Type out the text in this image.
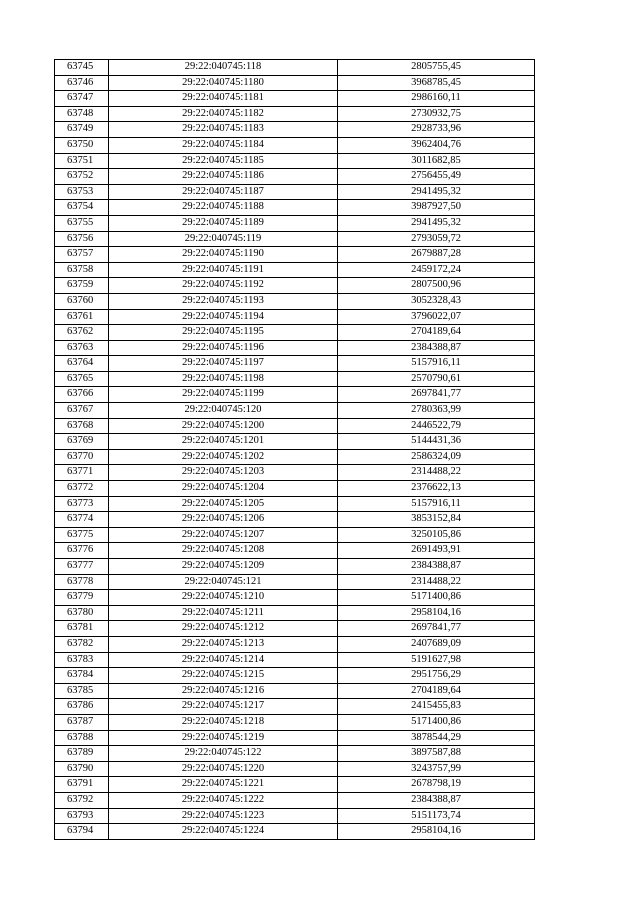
63745	29:22:040745:118	2805755,45
63746	29:22:040745:1180	3968785,45
63747	29:22:040745:1181	2986160,11
63748	29:22:040745:1182	2730932,75
63749	29:22:040745:1183	2928733,96
63750	29:22:040745:1184	3962404,76
63751	29:22:040745:1185	3011682,85
63752	29:22:040745:1186	2756455,49
63753	29:22:040745:1187	2941495,32
63754	29:22:040745:1188	3987927,50
63755	29:22:040745:1189	2941495,32
63756	29:22:040745:119	2793059,72
63757	29:22:040745:1190	2679887,28
63758	29:22:040745:1191	2459172,24
63759	29:22:040745:1192	2807500,96
63760	29:22:040745:1193	3052328,43
63761	29:22:040745:1194	3796022,07
63762	29:22:040745:1195	2704189,64
63763	29:22:040745:1196	2384388,87
63764	29:22:040745:1197	5157916,11
63765	29:22:040745:1198	2570790,61
63766	29:22:040745:1199	2697841,77
63767	29:22:040745:120	2780363,99
63768	29:22:040745:1200	2446522,79
63769	29:22:040745:1201	5144431,36
63770	29:22:040745:1202	2586324,09
63771	29:22:040745:1203	2314488,22
63772	29:22:040745:1204	2376622,13
63773	29:22:040745:1205	5157916,11
63774	29:22:040745:1206	3853152,84
63775	29:22:040745:1207	3250105,86
63776	29:22:040745:1208	2691493,91
63777	29:22:040745:1209	2384388,87
63778	29:22:040745:121	2314488,22
63779	29:22:040745:1210	5171400,86
63780	29:22:040745:1211	2958104,16
63781	29:22:040745:1212	2697841,77
63782	29:22:040745:1213	2407689,09
63783	29:22:040745:1214	5191627,98
63784	29:22:040745:1215	2951756,29
63785	29:22:040745:1216	2704189,64
63786	29:22:040745:1217	2415455,83
63787	29:22:040745:1218	5171400,86
63788	29:22:040745:1219	3878544,29
63789	29:22:040745:122	3897587,88
63790	29:22:040745:1220	3243757,99
63791	29:22:040745:1221	2678798,19
63792	29:22:040745:1222	2384388,87
63793	29:22:040745:1223	5151173,74
63794	29:22:040745:1224	2958104,16
